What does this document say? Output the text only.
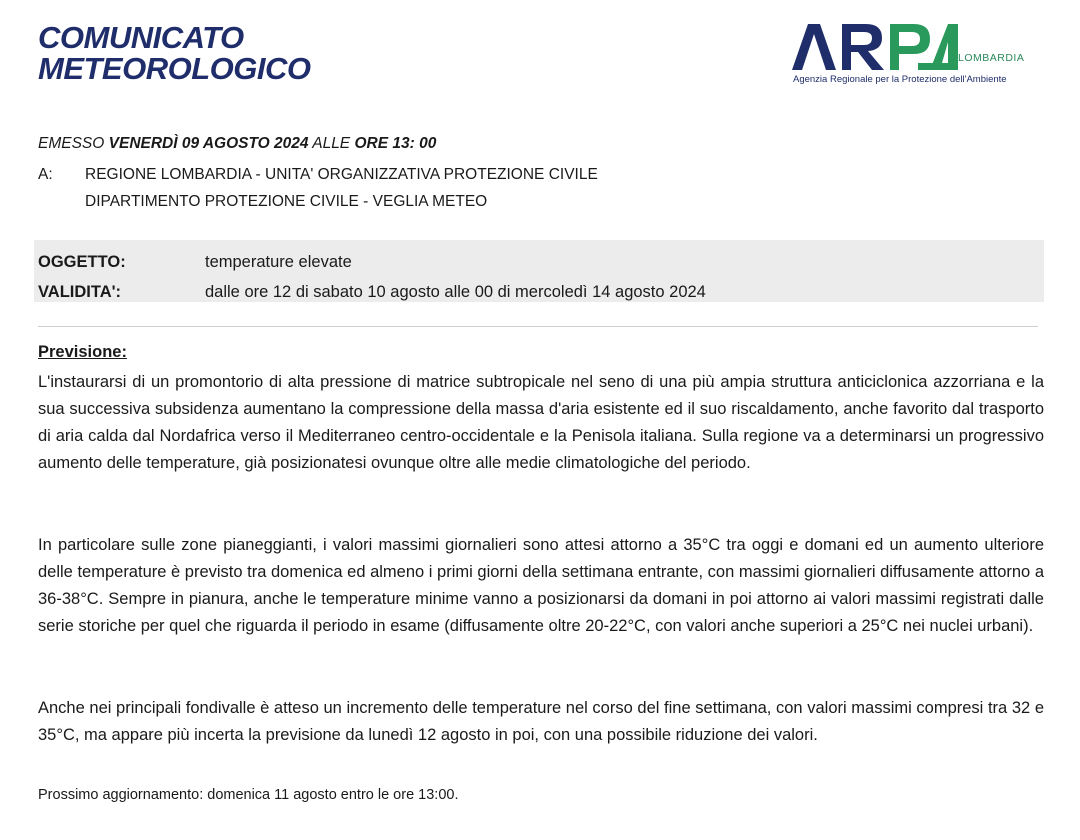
COMUNICATO
METEOROLOGICO	LOMBARDIA
Agenzia Regionale per la Protezione dell'Ambiente
EMESSO VENERDÌ 09 AGOSTO 2024 ALLE ORE 13: 00
A: REGIONE LOMBARDIA - UNITA' ORGANIZZATIVA PROTEZIONE CIVILE
DIPARTIMENTO PROTEZIONE CIVILE - VEGLIA METEO
OGGETTO:	temperature elevate
VALIDITA':	dalle ore 12 di sabato 10 agosto alle 00 di mercoledì 14 agosto 2024
Previsione:
L'instaurarsi di un promontorio di alta pressione di matrice subtropicale nel seno di una più ampia struttura anticiclonica azzorriana e la sua successiva subsidenza aumentano la compressione della massa d'aria esistente ed il suo riscaldamento, anche favorito dal trasporto di aria calda dal Nordafrica verso il Mediterraneo centro-occidentale e la Penisola italiana. Sulla regione va a determinarsi un progressivo aumento delle temperature, già posizionatesi ovunque oltre alle medie climatologiche del periodo.
In particolare sulle zone pianeggianti, i valori massimi giornalieri sono attesi attorno a 35°C tra oggi e domani ed un aumento ulteriore delle temperature è previsto tra domenica ed almeno i primi giorni della settimana entrante, con massimi giornalieri diffusamente attorno a 36-38°C. Sempre in pianura, anche le temperature minime vanno a posizionarsi da domani in poi attorno ai valori massimi registrati dalle serie storiche per quel che riguarda il periodo in esame (diffusamente oltre 20-22°C, con valori anche superiori a 25°C nei nuclei urbani).
Anche nei principali fondivalle è atteso un incremento delle temperature nel corso del fine settimana, con valori massimi compresi tra 32 e 35°C, ma appare più incerta la previsione da lunedì 12 agosto in poi, con una possibile riduzione dei valori.
Prossimo aggiornamento: domenica 11 agosto entro le ore 13:00.
